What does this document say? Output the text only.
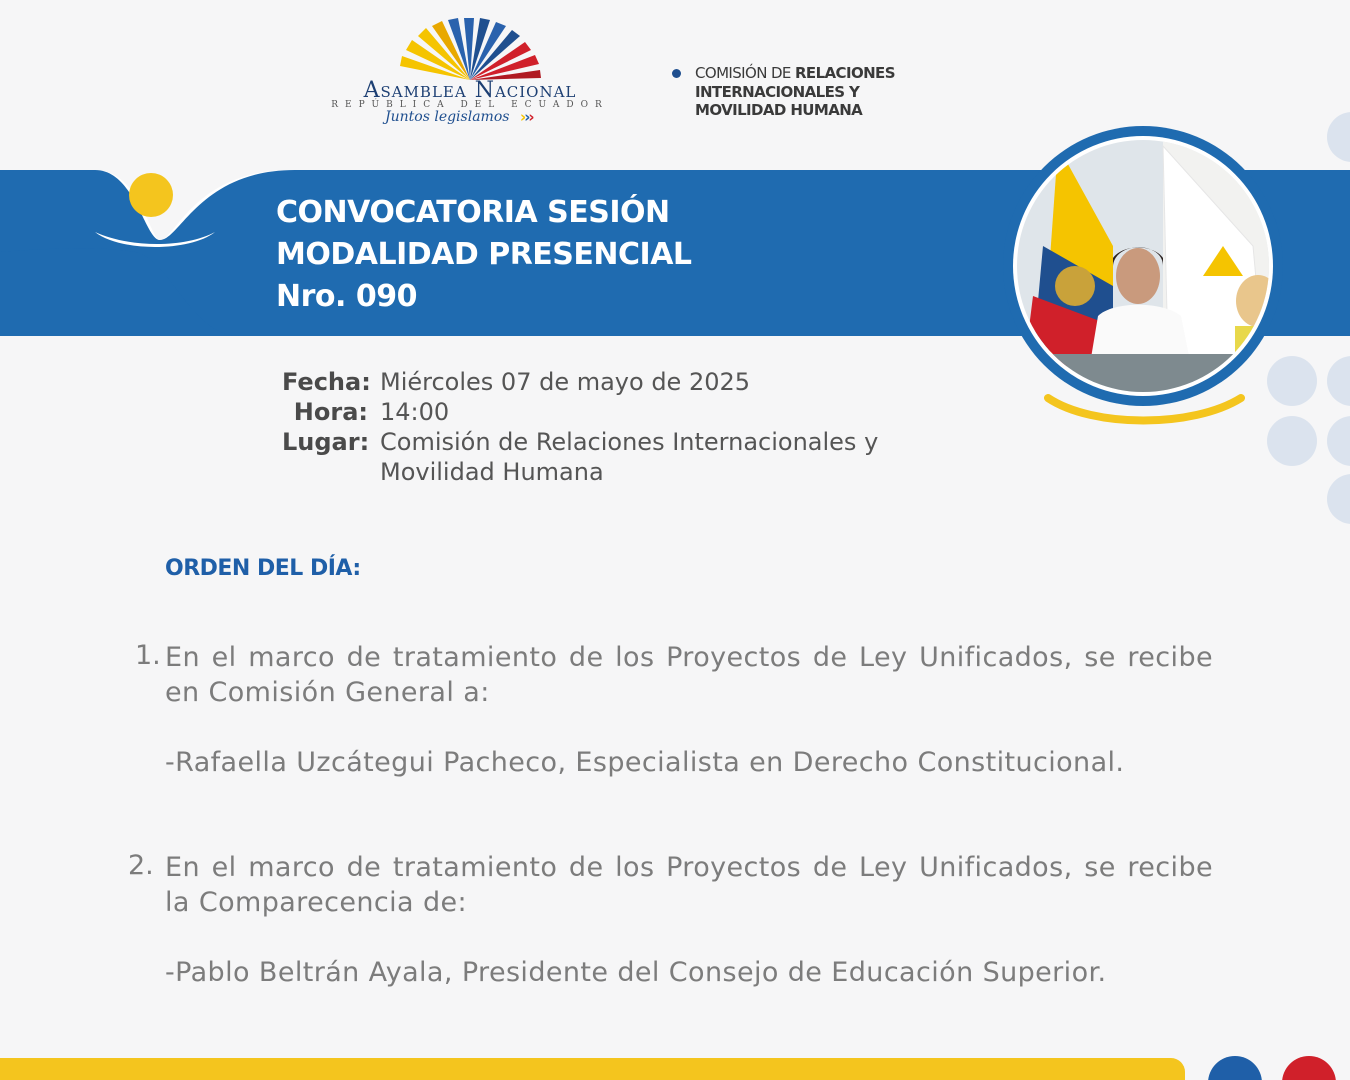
Asamblea Nacional
REPÚBLICA DEL ECUADOR
Juntos legislamos ›››
COMISIÓN DE RELACIONES
INTERNACIONALES Y
MOVILIDAD HUMANA
CONVOCATORIA SESIÓN
MODALIDAD PRESENCIAL
Nro. 090
Fecha: Miércoles 07 de mayo de 2025
Hora: 14:00
Lugar: Comisión de Relaciones Internacionales y
Movilidad Humana
ORDEN DEL DÍA:
1. En el marco de tratamiento de los Proyectos de Ley Unificados, se recibe en Comisión General a:
-Rafaella Uzcátegui Pacheco, Especialista en Derecho Constitucional.
2. En el marco de tratamiento de los Proyectos de Ley Unificados, se recibe la Comparecencia de:
-Pablo Beltrán Ayala, Presidente del Consejo de Educación Superior.
